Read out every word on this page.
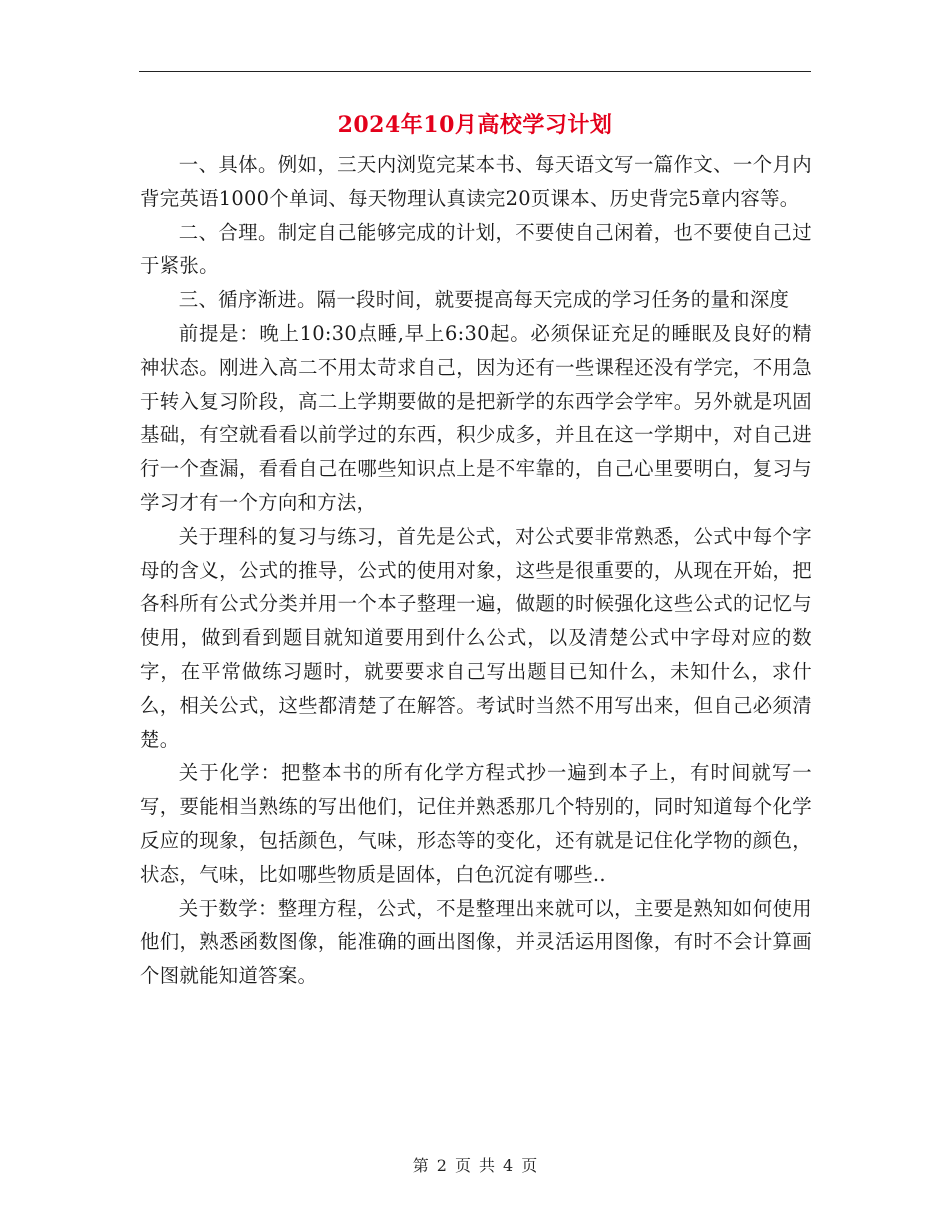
2024年10月高校学习计划

一、具体。例如，三天内浏览完某本书、每天语文写一篇作文、一个月内背完英语1000个单词、每天物理认真读完20页课本、历史背完5章内容等。

二、合理。制定自己能够完成的计划，不要使自己闲着，也不要使自己过于紧张。

三、循序渐进。隔一段时间，就要提高每天完成的学习任务的量和深度

前提是：晚上10:30点睡,早上6:30起。必须保证充足的睡眠及良好的精神状态。刚进入高二不用太苛求自己，因为还有一些课程还没有学完，不用急于转入复习阶段，高二上学期要做的是把新学的东西学会学牢。另外就是巩固基础，有空就看看以前学过的东西，积少成多，并且在这一学期中，对自己进行一个查漏，看看自己在哪些知识点上是不牢靠的，自己心里要明白，复习与学习才有一个方向和方法，

关于理科的复习与练习，首先是公式，对公式要非常熟悉，公式中每个字母的含义，公式的推导，公式的使用对象，这些是很重要的，从现在开始，把各科所有公式分类并用一个本子整理一遍，做题的时候强化这些公式的记忆与使用，做到看到题目就知道要用到什么公式，以及清楚公式中字母对应的数字，在平常做练习题时，就要要求自己写出题目已知什么，未知什么，求什么，相关公式，这些都清楚了在解答。考试时当然不用写出来，但自己必须清楚。

关于化学：把整本书的所有化学方程式抄一遍到本子上，有时间就写一写，要能相当熟练的写出他们，记住并熟悉那几个特别的，同时知道每个化学反应的现象，包括颜色，气味，形态等的变化，还有就是记住化学物的颜色，状态，气味，比如哪些物质是固体，白色沉淀有哪些..

关于数学：整理方程，公式，不是整理出来就可以，主要是熟知如何使用他们，熟悉函数图像，能准确的画出图像，并灵活运用图像，有时不会计算画个图就能知道答案。

第 2 页 共 4 页
